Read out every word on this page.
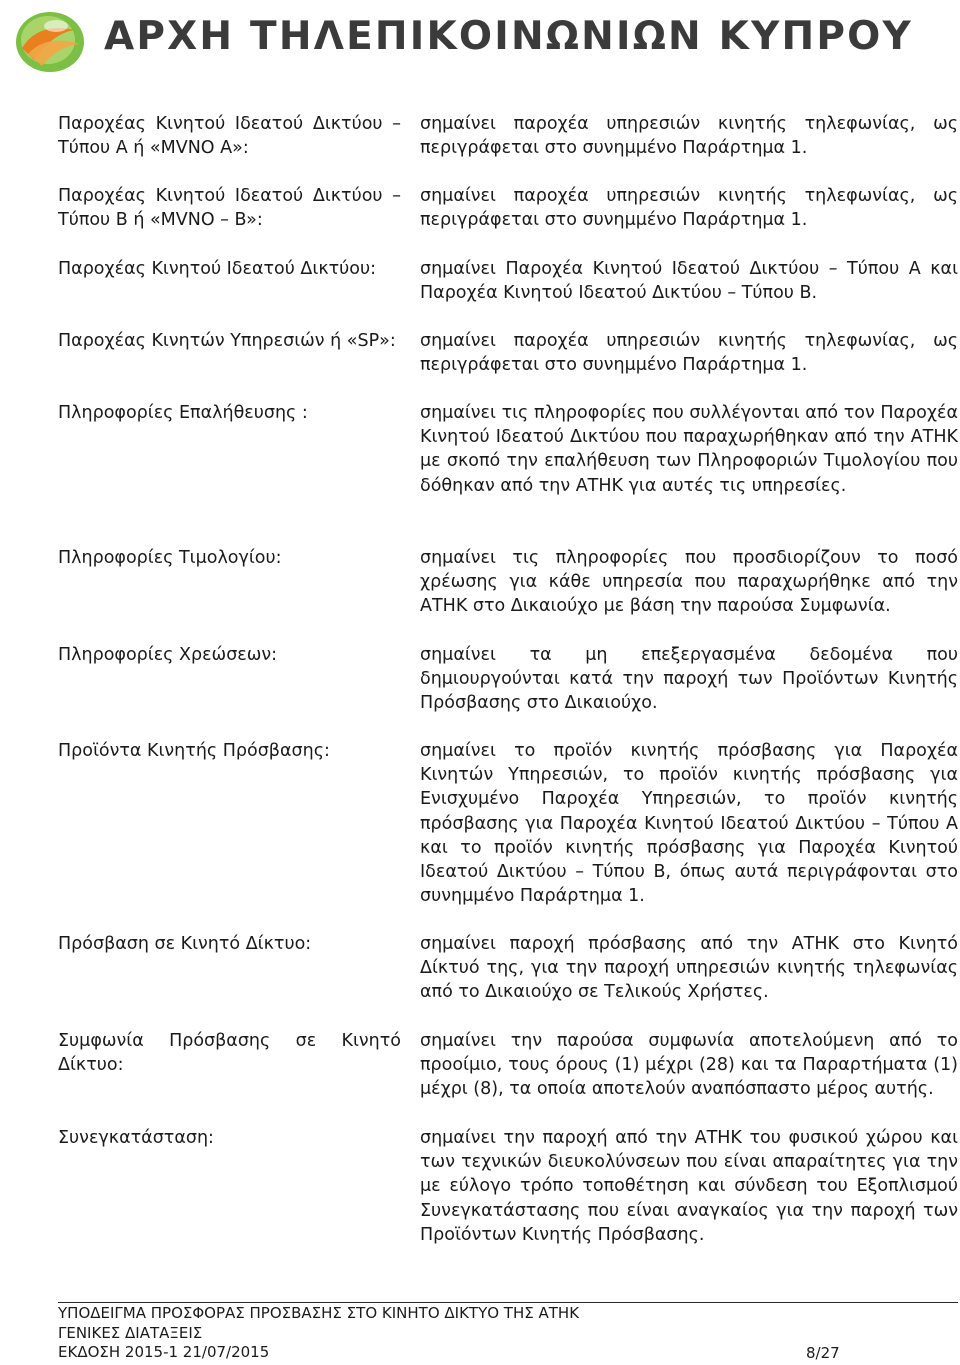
ΑΡΧΗ ΤΗΛΕΠΙΚΟΙΝΩΝΙΩΝ ΚΥΠΡΟΥ
Παροχέας Κινητού Ιδεατού Δικτύου – Τύπου Α ή «MVNO A»:
σημαίνει παροχέα υπηρεσιών κινητής τηλεφωνίας, ως περιγράφεται στο συνημμένο Παράρτημα 1.
Παροχέας Κινητού Ιδεατού Δικτύου – Τύπου Β ή «MVNO – B»:
σημαίνει παροχέα υπηρεσιών κινητής τηλεφωνίας, ως περιγράφεται στο συνημμένο Παράρτημα 1.
Παροχέας Κινητού Ιδεατού Δικτύου:	σημαίνει Παροχέα Κινητού Ιδεατού Δικτύου – Τύπου Α και Παροχέα Κινητού Ιδεατού Δικτύου – Τύπου Β.
Παροχέας Κινητών Υπηρεσιών ή «SP»: σημαίνει παροχέα υπηρεσιών κινητής τηλεφωνίας, ως περιγράφεται στο συνημμένο Παράρτημα 1.
Πληροφορίες Επαλήθευσης :	σημαίνει τις πληροφορίες που συλλέγονται από τον Παροχέα Κινητού Ιδεατού Δικτύου που παραχωρήθηκαν από την ΑΤΗΚ με σκοπό την επαλήθευση των Πληροφοριών Τιμολογίου που δόθηκαν από την ΑΤΗΚ για αυτές τις υπηρεσίες.
Πληροφορίες Τιμολογίου:	σημαίνει τις πληροφορίες που προσδιορίζουν το ποσό χρέωσης για κάθε υπηρεσία που παραχωρήθηκε από την ΑΤΗΚ στο Δικαιούχο με βάση την παρούσα Συμφωνία.
Πληροφορίες Χρεώσεων:	σημαίνει τα μη επεξεργασμένα δεδομένα που δημιουργούνται κατά την παροχή των Προϊόντων Κινητής Πρόσβασης στο Δικαιούχο.
Προϊόντα Κινητής Πρόσβασης:	σημαίνει το προϊόν κινητής πρόσβασης για Παροχέα Κινητών Υπηρεσιών, το προϊόν κινητής πρόσβασης για Ενισχυμένο Παροχέα Υπηρεσιών, το προϊόν κινητής πρόσβασης για Παροχέα Κινητού Ιδεατού Δικτύου – Τύπου Α και το προϊόν κινητής πρόσβασης για Παροχέα Κινητού Ιδεατού Δικτύου – Τύπου Β, όπως αυτά περιγράφονται στο συνημμένο Παράρτημα 1.
Πρόσβαση σε Κινητό Δίκτυο:	σημαίνει παροχή πρόσβασης από την ΑΤΗΚ στο Κινητό Δίκτυό της, για την παροχή υπηρεσιών κινητής τηλεφωνίας από το Δικαιούχο σε Τελικούς Χρήστες.
Συμφωνία Πρόσβασης σε Κινητό Δίκτυο:
σημαίνει την παρούσα συμφωνία αποτελούμενη από το προοίμιο, τους όρους (1) μέχρι (28) και τα Παραρτήματα (1) μέχρι (8), τα οποία αποτελούν αναπόσπαστο μέρος αυτής.
Συνεγκατάσταση:	σημαίνει την παροχή από την ΑΤΗΚ του φυσικού χώρου και των τεχνικών διευκολύνσεων που είναι απαραίτητες για την με εύλογο τρόπο τοποθέτηση και σύνδεση του Εξοπλισμού Συνεγκατάστασης που είναι αναγκαίος για την παροχή των Προϊόντων Κινητής Πρόσβασης.
ΥΠΟΔΕΙΓΜΑ ΠΡΟΣΦΟΡΑΣ ΠΡΟΣΒΑΣΗΣ ΣΤΟ ΚΙΝΗΤΟ ΔΙΚΤΥΟ ΤΗΣ ΑΤΗΚ
ΓΕΝΙΚΕΣ ΔΙΑΤΑΞΕΙΣ
ΕΚΔΟΣΗ 2015-1 21/07/2015	8/27
